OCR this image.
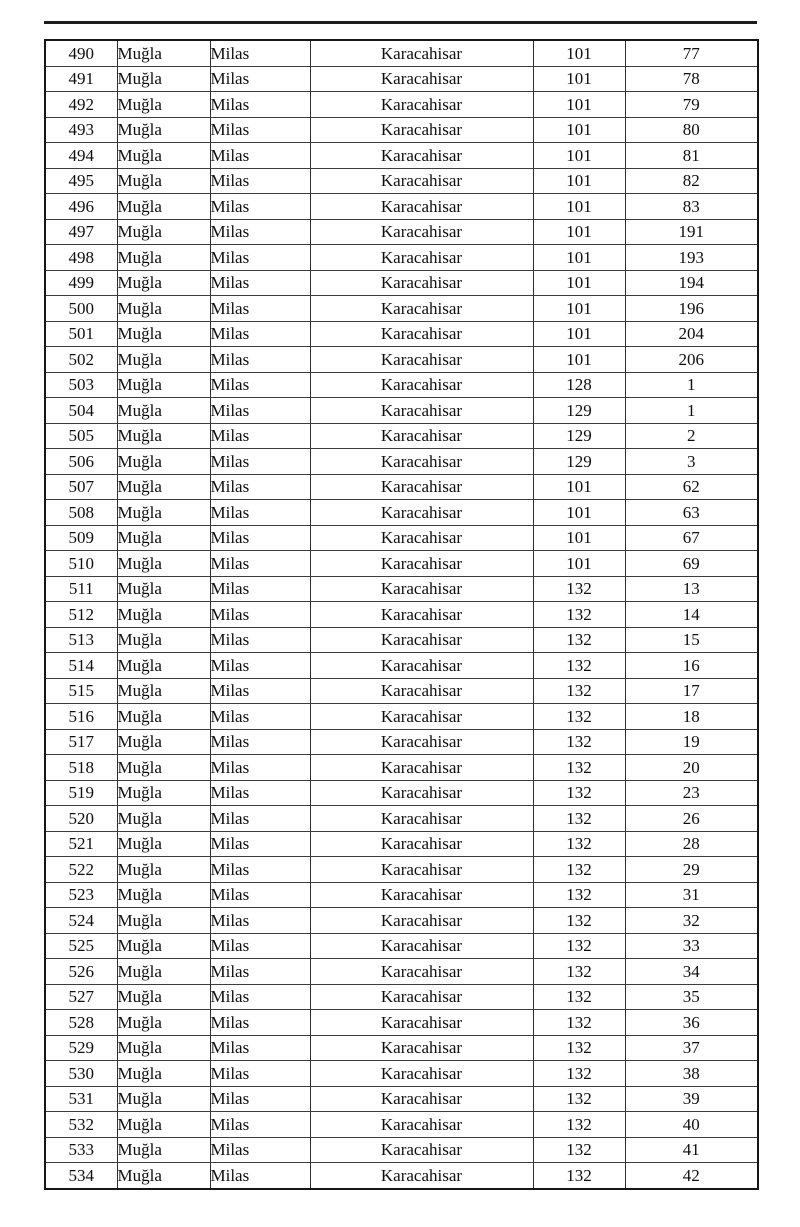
490	Muğla	Milas	Karacahisar	101	77
491	Muğla	Milas	Karacahisar	101	78
492	Muğla	Milas	Karacahisar	101	79
493	Muğla	Milas	Karacahisar	101	80
494	Muğla	Milas	Karacahisar	101	81
495	Muğla	Milas	Karacahisar	101	82
496	Muğla	Milas	Karacahisar	101	83
497	Muğla	Milas	Karacahisar	101	191
498	Muğla	Milas	Karacahisar	101	193
499	Muğla	Milas	Karacahisar	101	194
500	Muğla	Milas	Karacahisar	101	196
501	Muğla	Milas	Karacahisar	101	204
502	Muğla	Milas	Karacahisar	101	206
503	Muğla	Milas	Karacahisar	128	1
504	Muğla	Milas	Karacahisar	129	1
505	Muğla	Milas	Karacahisar	129	2
506	Muğla	Milas	Karacahisar	129	3
507	Muğla	Milas	Karacahisar	101	62
508	Muğla	Milas	Karacahisar	101	63
509	Muğla	Milas	Karacahisar	101	67
510	Muğla	Milas	Karacahisar	101	69
511	Muğla	Milas	Karacahisar	132	13
512	Muğla	Milas	Karacahisar	132	14
513	Muğla	Milas	Karacahisar	132	15
514	Muğla	Milas	Karacahisar	132	16
515	Muğla	Milas	Karacahisar	132	17
516	Muğla	Milas	Karacahisar	132	18
517	Muğla	Milas	Karacahisar	132	19
518	Muğla	Milas	Karacahisar	132	20
519	Muğla	Milas	Karacahisar	132	23
520	Muğla	Milas	Karacahisar	132	26
521	Muğla	Milas	Karacahisar	132	28
522	Muğla	Milas	Karacahisar	132	29
523	Muğla	Milas	Karacahisar	132	31
524	Muğla	Milas	Karacahisar	132	32
525	Muğla	Milas	Karacahisar	132	33
526	Muğla	Milas	Karacahisar	132	34
527	Muğla	Milas	Karacahisar	132	35
528	Muğla	Milas	Karacahisar	132	36
529	Muğla	Milas	Karacahisar	132	37
530	Muğla	Milas	Karacahisar	132	38
531	Muğla	Milas	Karacahisar	132	39
532	Muğla	Milas	Karacahisar	132	40
533	Muğla	Milas	Karacahisar	132	41
534	Muğla	Milas	Karacahisar	132	42
